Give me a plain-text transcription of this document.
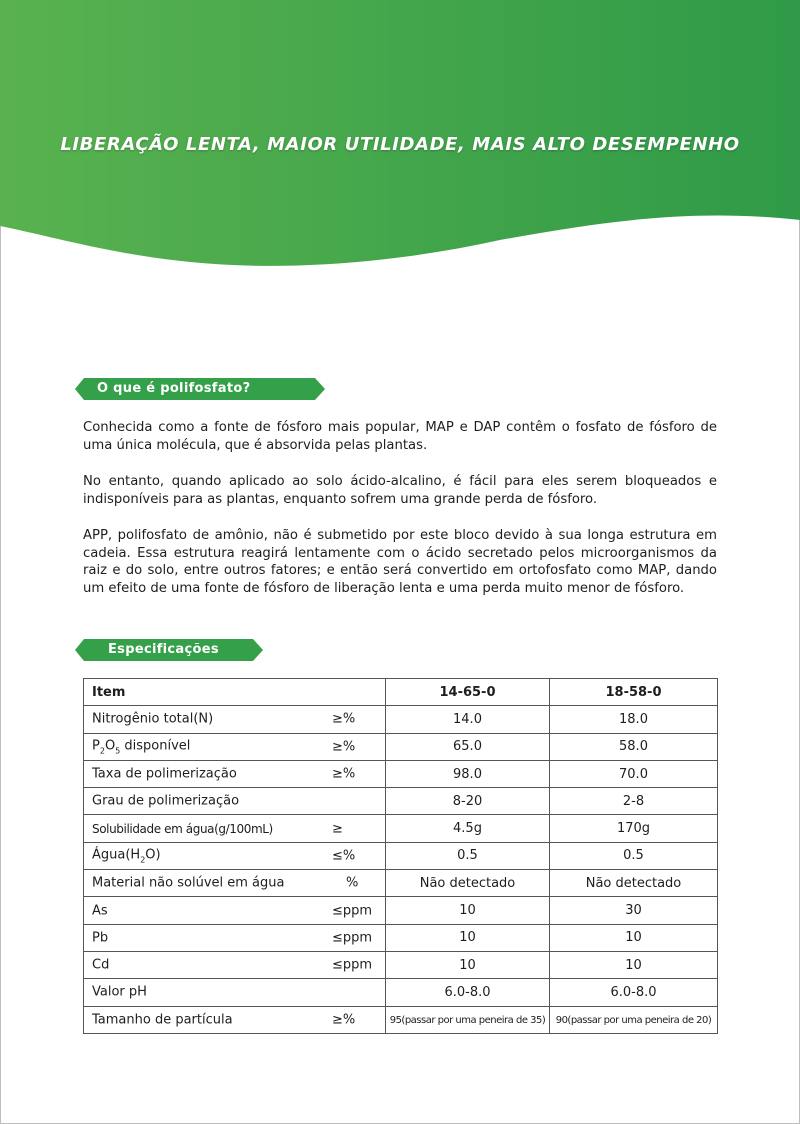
LIBERAÇÃO LENTA, MAIOR UTILIDADE, MAIS ALTO DESEMPENHO
O que é polifosfato?

Conhecida como a fonte de fósforo mais popular, MAP e DAP contêm o fosfato de fósforo de uma única molécula, que é absorvida pelas plantas.

No entanto, quando aplicado ao solo ácido-alcalino, é fácil para eles serem bloqueados e indisponíveis para as plantas, enquanto sofrem uma grande perda de fósforo.

APP, polifosfato de amônio, não é submetido por este bloco devido à sua longa estrutura em cadeia. Essa estrutura reagirá lentamente com o ácido secretado pelos microorganismos da raiz e do solo, entre outros fatores; e então será convertido em ortofosfato como MAP, dando um efeito de uma fonte de fósforo de liberação lenta e uma perda muito menor de fósforo.

Especificações
Item	14-65-0	18-58-0

Nitrogênio total(N) ≥%	14.0	18.0

$P_2O_5$ disponível ≥%	65.0	58.0

Taxa de polimerização ≥%	98.0	70.0

Grau de polimerização	8-20	2-8

Solubilidade em água(g/100mL) ≥	4.5g	170g

$Água(H_2O)$ ≤%	0.5	0.5

Material não solúvel em água %	Não detectado	Não detectado

As ≤ppm	10	30

Pb ≤ppm	10	10

Cd ≤ppm	10	10

Valor pH	6.0-8.0	6.0-8.0

Tamanho de partícula ≥%	95(passar por uma peneira de 35)	90(passar por uma peneira de 20)
